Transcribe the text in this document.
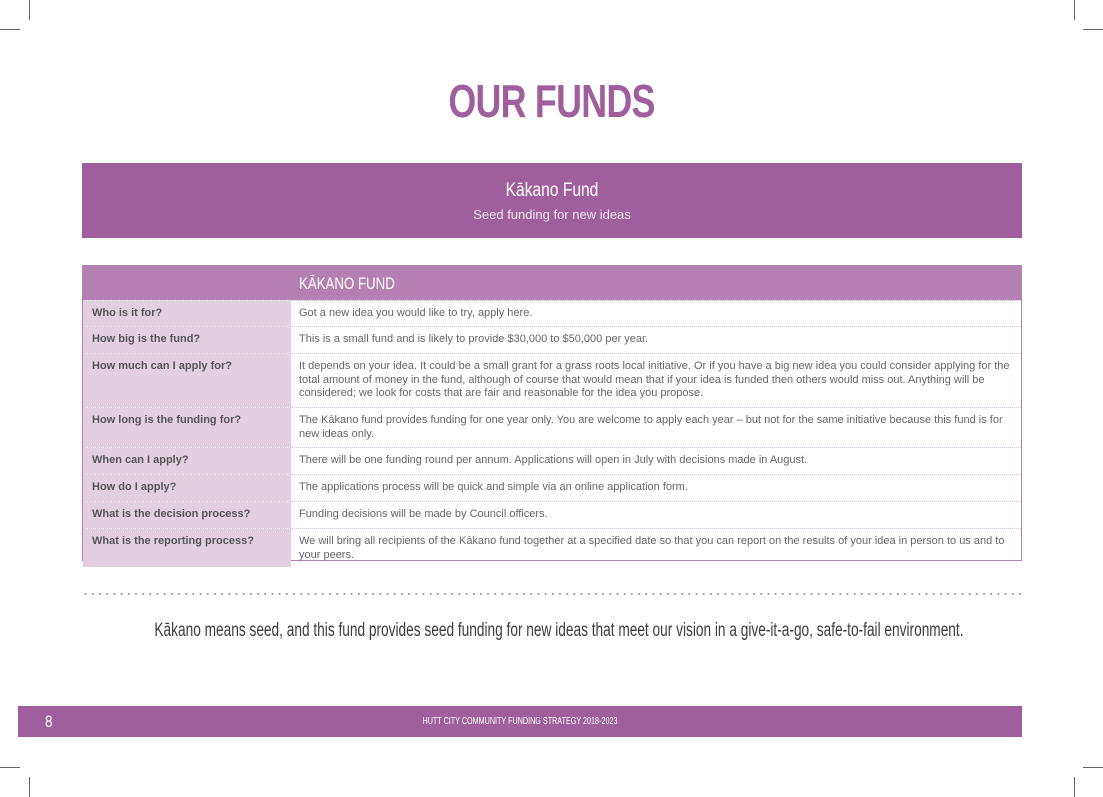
OUR FUNDS
Kākano Fund
Seed funding for new ideas
KĀKANO FUND
Who is it for?	Got a new idea you would like to try, apply here.
How big is the fund?	This is a small fund and is likely to provide $30,000 to $50,000 per year.
How much can I apply for?	It depends on your idea. It could be a small grant for a grass roots local initiative. Or if you have a big new idea you could consider applying for the total amount of money in the fund, although of course that would mean that if your idea is funded then others would miss out. Anything will be considered; we look for costs that are fair and reasonable for the idea you propose.
How long is the funding for?	The Kākano fund provides funding for one year only. You are welcome to apply each year – but not for the same initiative because this fund is for new ideas only.
When can I apply?	There will be one funding round per annum. Applications will open in July with decisions made in August.
How do I apply?	The applications process will be quick and simple via an online application form.
What is the decision process?	Funding decisions will be made by Council officers.
What is the reporting process?	We will bring all recipients of the Kākano fund together at a specified date so that you can report on the results of your idea in person to us and to your peers.
Kākano means seed, and this fund provides seed funding for new ideas that meet our vision in a give-it-a-go, safe-to-fail environment.
8	HUTT CITY COMMUNITY FUNDING STRATEGY 2018-2023
